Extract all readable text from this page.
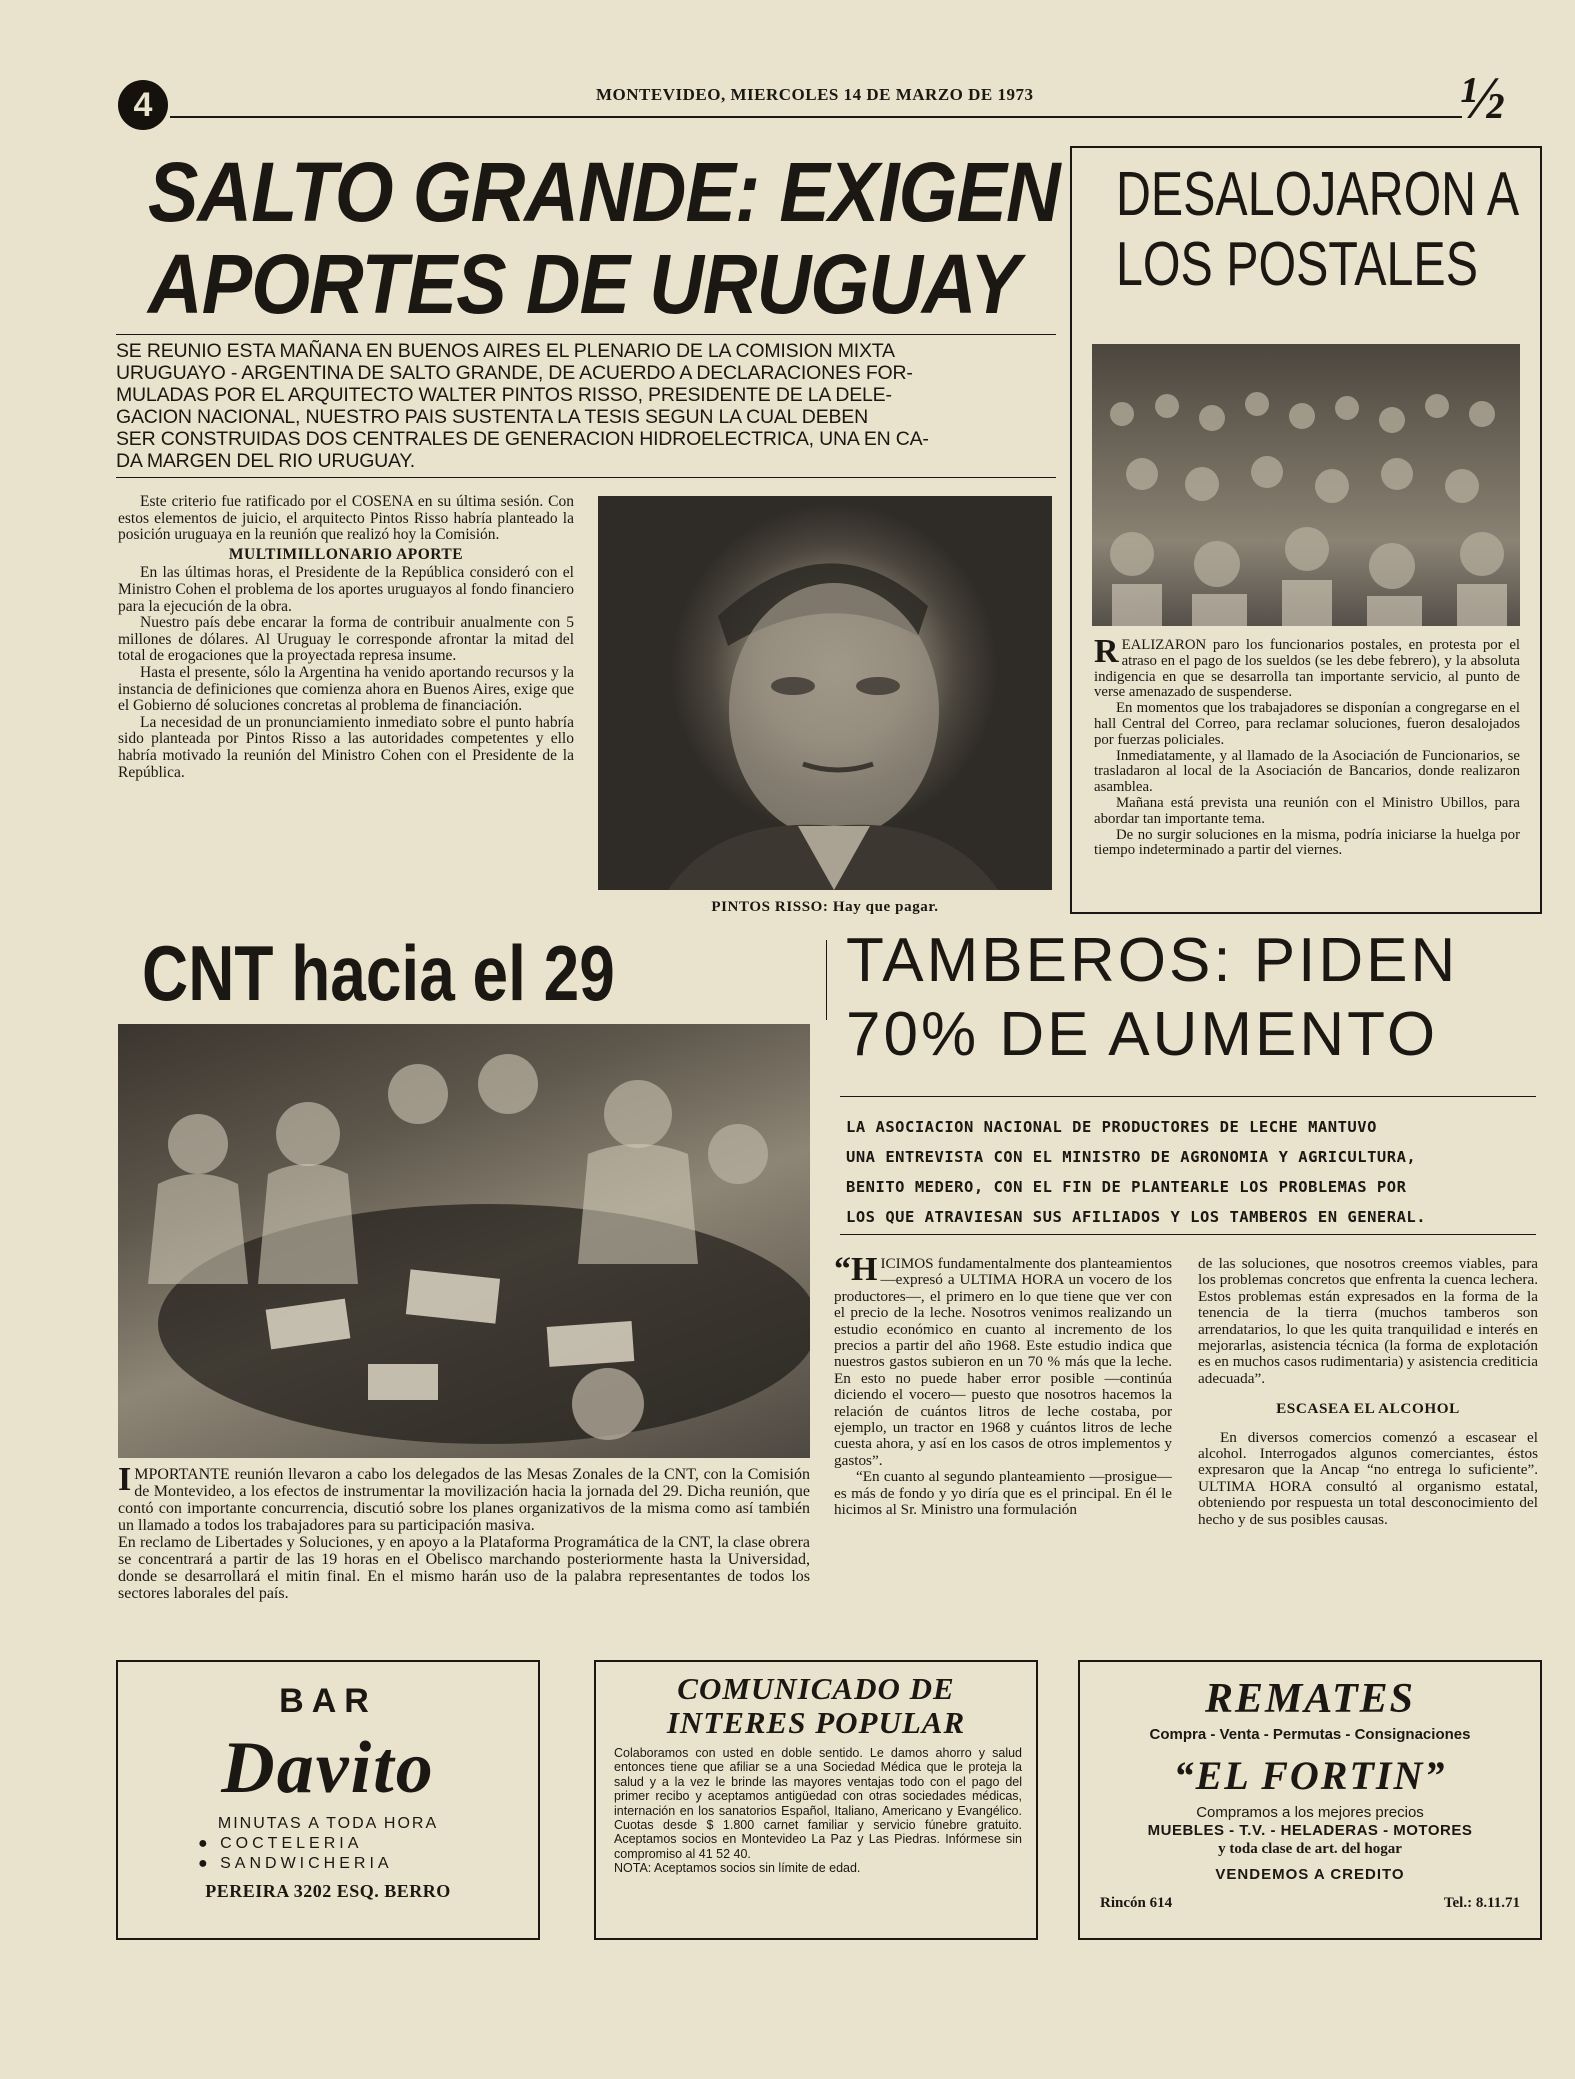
4	MONTEVIDEO, MIERCOLES 14 DE MARZO DE 1973	½
SALTO GRANDE: EXIGEN
APORTES DE URUGUAY
SE REUNIO ESTA MAÑANA EN BUENOS AIRES EL PLENARIO DE LA COMISION MIXTA
URUGUAYO - ARGENTINA DE SALTO GRANDE, DE ACUERDO A DECLARACIONES FOR-
MULADAS POR EL ARQUITECTO WALTER PINTOS RISSO, PRESIDENTE DE LA DELE-
GACION NACIONAL, NUESTRO PAIS SUSTENTA LA TESIS SEGUN LA CUAL DEBEN
SER CONSTRUIDAS DOS CENTRALES DE GENERACION HIDROELECTRICA, UNA EN CA-
DA MARGEN DEL RIO URUGUAY.

Este criterio fue ratificado por el COSENA en su última sesión. Con estos elementos de juicio, el arquitecto Pintos Risso habría planteado la posición uruguaya en la reunión que realizó hoy la Comisión.

MULTIMILLONARIO APORTE

En las últimas horas, el Presidente de la República consideró con el Ministro Cohen el problema de los aportes uruguayos al fondo financiero para la ejecución de la obra.

Nuestro país debe encarar la forma de contribuir anualmente con 5 millones de dólares. Al Uruguay le corresponde afrontar la mitad del total de erogaciones que la proyectada represa insume.

Hasta el presente, sólo la Argentina ha venido aportando recursos y la instancia de definiciones que comienza ahora en Buenos Aires, exige que el Gobierno dé soluciones concretas al problema de financiación.

La necesidad de un pronunciamiento inmediato sobre el punto habría sido planteada por Pintos Risso a las autoridades competentes y ello habría motivado la reunión del Ministro Cohen con el Presidente de la República.

PINTOS RISSO: Hay que pagar.
DESALOJARON A
LOS POSTALES

REALIZARON paro los funcionarios postales, en protesta por el atraso en el pago de los sueldos (se les debe febrero), y la absoluta indigencia en que se desarrolla tan importante servicio, al punto de verse amenazado de suspenderse.

En momentos que los trabajadores se disponían a congregarse en el hall Central del Correo, para reclamar soluciones, fueron desalojados por fuerzas policiales.

Inmediatamente, y al llamado de la Asociación de Funcionarios, se trasladaron al local de la Asociación de Bancarios, donde realizaron asamblea.

Mañana está prevista una reunión con el Ministro Ubillos, para abordar tan importante tema.

De no surgir soluciones en la misma, podría iniciarse la huelga por tiempo indeterminado a partir del viernes.

CNT hacia el 29

IMPORTANTE reunión llevaron a cabo los delegados de las Mesas Zonales de la CNT, con la Comisión de Montevideo, a los efectos de instrumentar la movilización hacia la jornada del 29. Dicha reunión, que contó con importante concurrencia, discutió sobre los planes organizativos de la misma como así también un llamado a todos los trabajadores para su participación masiva.

En reclamo de Libertades y Soluciones, y en apoyo a la Plataforma Programática de la CNT, la clase obrera se concentrará a partir de las 19 horas en el Obelisco marchando posteriormente hasta la Universidad, donde se desarrollará el mitin final. En el mismo harán uso de la palabra representantes de todos los sectores laborales del país.

TAMBEROS: PIDEN
70% DE AUMENTO
LA ASOCIACION NACIONAL DE PRODUCTORES DE LECHE MANTUVO
UNA ENTREVISTA CON EL MINISTRO DE AGRONOMIA Y AGRICULTURA,
BENITO MEDERO, CON EL FIN DE PLANTEARLE LOS PROBLEMAS POR
LOS QUE ATRAVIESAN SUS AFILIADOS Y LOS TAMBEROS EN GENERAL.

“HICIMOS fundamentalmente dos planteamientos —expresó a ULTIMA HORA un vocero de los productores—, el primero en lo que tiene que ver con el precio de la leche. Nosotros venimos realizando un estudio económico en cuanto al incremento de los precios a partir del año 1968. Este estudio indica que nuestros gastos subieron en un 70 % más que la leche. En esto no puede haber error posible —continúa diciendo el vocero— puesto que nosotros hacemos la relación de cuántos litros de leche costaba, por ejemplo, un tractor en 1968 y cuántos litros de leche cuesta ahora, y así en los casos de otros implementos y gastos”.

“En cuanto al segundo planteamiento —prosigue— es más de fondo y yo diría que es el principal. En él le hicimos al Sr. Ministro una formulación

de las soluciones, que nosotros creemos viables, para los problemas concretos que enfrenta la cuenca lechera. Estos problemas están expresados en la forma de la tenencia de la tierra (muchos tamberos son arrendatarios, lo que les quita tranquilidad e interés en mejorarlas, asistencia técnica (la forma de explotación es en muchos casos rudimentaria) y asistencia crediticia adecuada”.

ESCASEA EL ALCOHOL

En diversos comercios comenzó a escasear el alcohol. Interrogados algunos comerciantes, éstos expresaron que la Ancap “no entrega lo suficiente”. ULTIMA HORA consultó al organismo estatal, obteniendo por respuesta un total desconocimiento del hecho y de sus posibles causas.

BAR
Davito
MINUTAS A TODA HORA
● COCTELERIA
● SANDWICHERIA
PEREIRA 3202 ESQ. BERRO
COMUNICADO DE
INTERES POPULAR
Colaboramos con usted en doble sentido. Le damos ahorro y salud entonces tiene que afiliar se a una Sociedad Médica que le proteja la salud y a la vez le brinde las mayores ventajas todo con el pago del primer recibo y aceptamos antigüedad con otras sociedades médicas, internación en los sanatorios Español, Italiano, Americano y Evangélico. Cuotas desde $ 1.800 carnet familiar y servicio fúnebre gratuito. Aceptamos socios en Montevideo La Paz y Las Piedras. Infórmese sin compromiso al 41 52 40.
NOTA: Aceptamos socios sin límite de edad.
REMATES
Compra - Venta - Permutas - Consignaciones
“EL FORTIN”
Compramos a los mejores precios
MUEBLES - T.V. - HELADERAS - MOTORES
y toda clase de art. del hogar
VENDEMOS A CREDITO
Rincón 614	Tel.: 8.11.71
